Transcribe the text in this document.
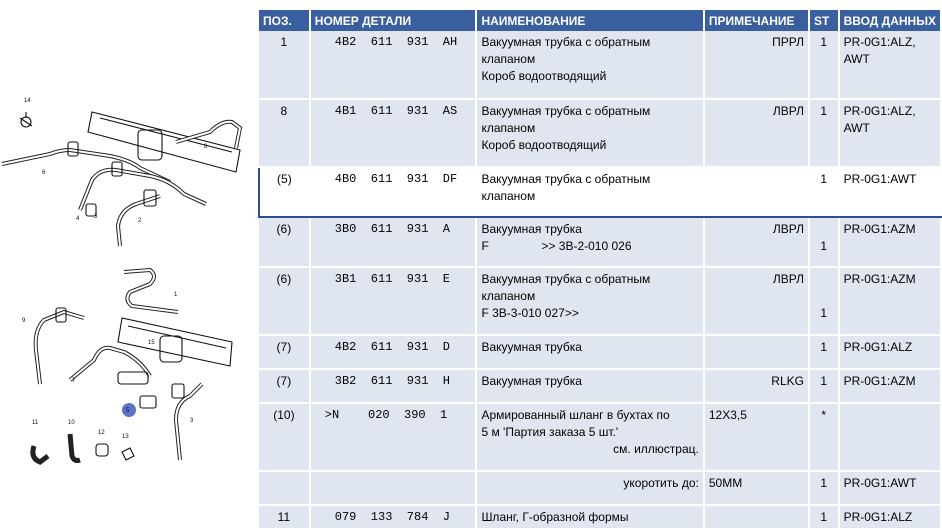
14
6
8
4 3
2
1
9
15
7
5
3
11	10
12
13
ПОЗ.	НОМЕР ДЕТАЛИ	НАИМЕНОВАНИЕ	ПРИМЕЧАНИЕ	ST	ВВОД ДАННЫХ
1	4B2  611  931  AH	Вакуумная трубка с обратным
клапаном
Короб водоотводящий	ПРРЛ	1	PR-0G1:ALZ, AWT
8	4B1  611  931  AS	Вакуумная трубка с обратным
клапаном
Короб водоотводящий	ЛВРЛ	1	PR-0G1:ALZ, AWT
(5)	4B0  611  931  DF	Вакуумная трубка с обратным
клапаном		1	PR-0G1:AWT
(6)	3B0  611  931  A	Вакуумная трубка
F >> 3B-2-010 026	ЛВРЛ	1	PR-0G1:AZM
(6)	3B1  611  931  E	Вакуумная трубка с обратным
клапаном
F 3B-3-010 027>>	ЛВРЛ	1	PR-0G1:AZM
(7)	4B2  611  931  D	Вакуумная трубка		1	PR-0G1:ALZ
(7)	3B2  611  931  H	Вакуумная трубка	RLKG	1	PR-0G1:AZM
(10)	>N    020  390  1	Армированный шланг в бухтах по
5 м 'Партия заказа 5 шт.'
см. иллюстрац.	12X3,5	*	

		укоротить до:	50MM	1	PR-0G1:AWT
11	079  133  784  J	Шланг, Г-образной формы		1	PR-0G1:ALZ
